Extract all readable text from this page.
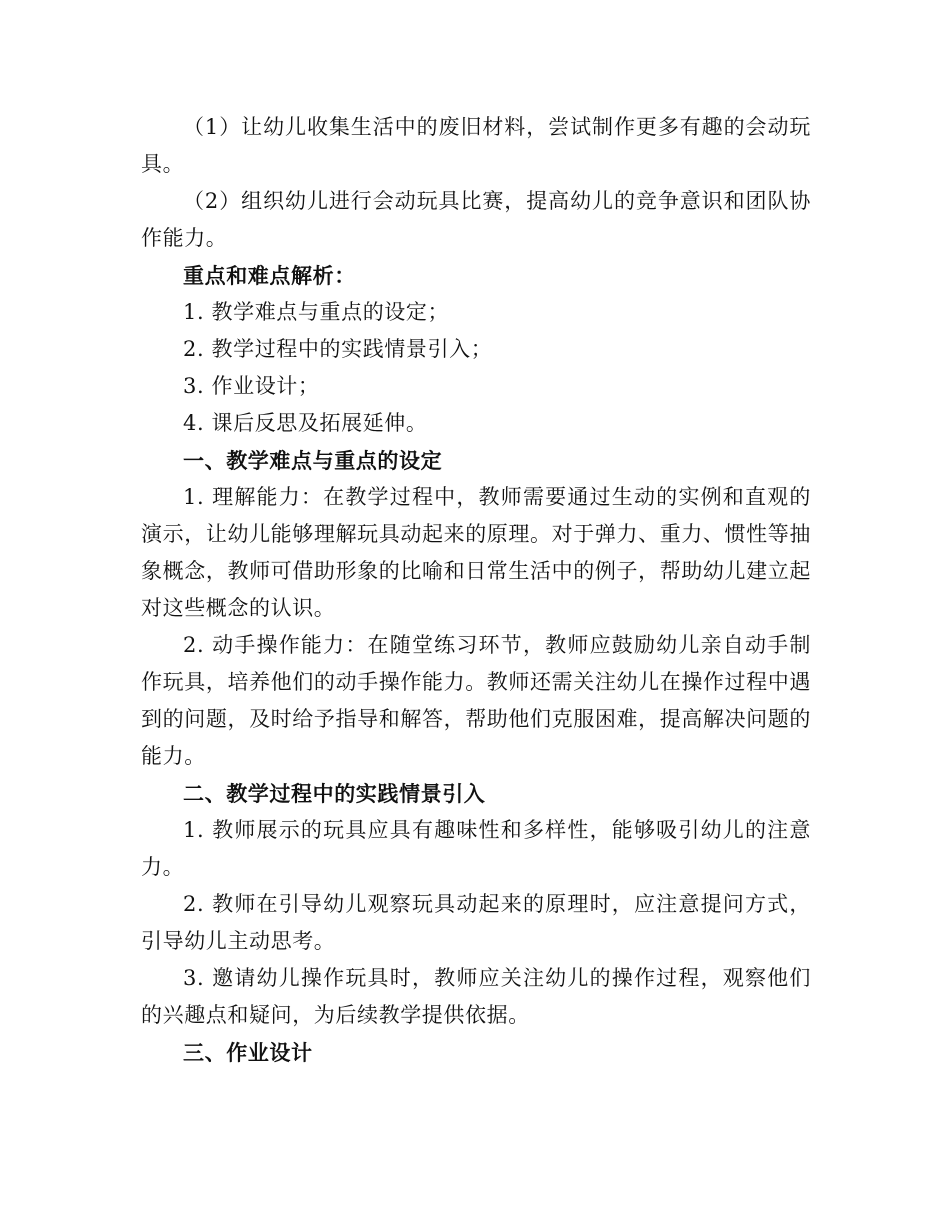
（1）让幼儿收集生活中的废旧材料，尝试制作更多有趣的会动玩具。

（2）组织幼儿进行会动玩具比赛，提高幼儿的竞争意识和团队协作能力。

重点和难点解析：

1. 教学难点与重点的设定；

2. 教学过程中的实践情景引入；

3. 作业设计；

4. 课后反思及拓展延伸。

一、教学难点与重点的设定

1. 理解能力：在教学过程中，教师需要通过生动的实例和直观的演示，让幼儿能够理解玩具动起来的原理。对于弹力、重力、惯性等抽象概念，教师可借助形象的比喻和日常生活中的例子，帮助幼儿建立起对这些概念的认识。

2. 动手操作能力：在随堂练习环节，教师应鼓励幼儿亲自动手制作玩具，培养他们的动手操作能力。教师还需关注幼儿在操作过程中遇到的问题，及时给予指导和解答，帮助他们克服困难，提高解决问题的能力。

二、教学过程中的实践情景引入

1. 教师展示的玩具应具有趣味性和多样性，能够吸引幼儿的注意力。

2. 教师在引导幼儿观察玩具动起来的原理时，应注意提问方式，引导幼儿主动思考。

3. 邀请幼儿操作玩具时，教师应关注幼儿的操作过程，观察他们的兴趣点和疑问，为后续教学提供依据。

三、作业设计
